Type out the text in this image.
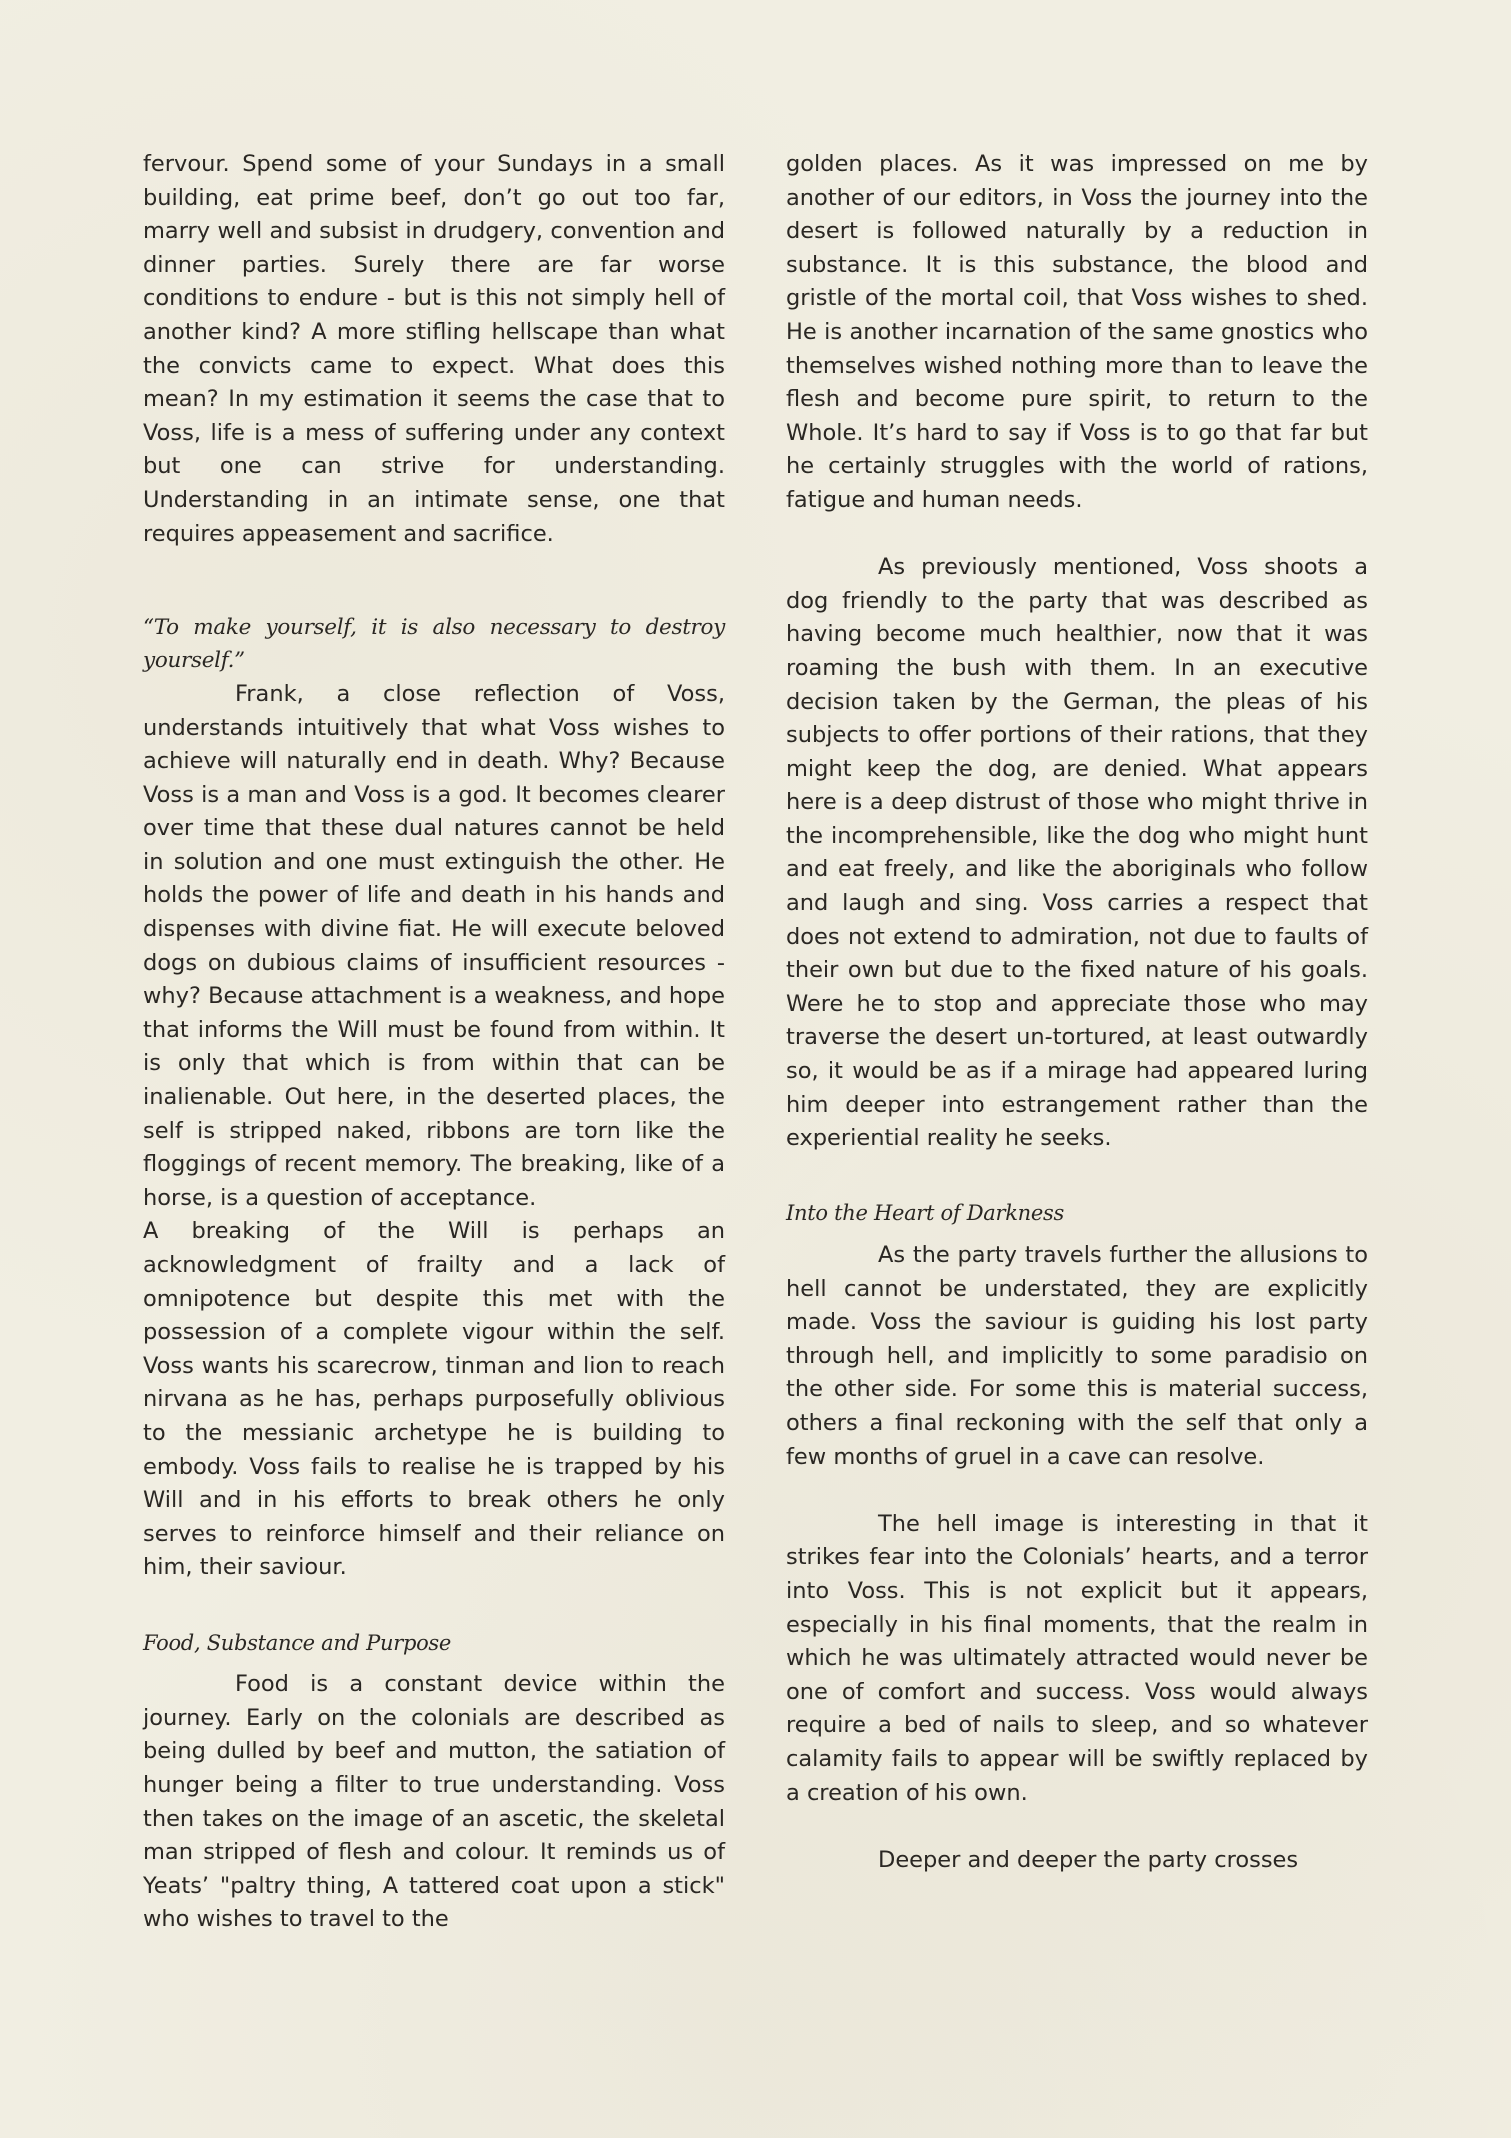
fervour. Spend some of your Sundays in a small building, eat prime beef, don’t go out too far, marry well and subsist in drudgery, convention and dinner parties. Surely there are far worse conditions to endure - but is this not simply hell of another kind? A more stifling hellscape than what the convicts came to expect. What does this mean? In my estimation it seems the case that to Voss, life is a mess of suffering under any context but one can strive for understanding. Understanding in an intimate sense, one that requires appeasement and sacrifice.

“To make yourself, it is also necessary to destroy yourself.”

Frank, a close reflection of Voss, understands intuitively that what Voss wishes to achieve will naturally end in death. Why? Because Voss is a man and Voss is a god. It becomes clearer over time that these dual natures cannot be held in solution and one must extinguish the other. He holds the power of life and death in his hands and dispenses with divine fiat. He will execute beloved dogs on dubious claims of insufficient resources - why? Because attachment is a weakness, and hope that informs the Will must be found from within. It is only that which is from within that can be inalienable. Out here, in the deserted places, the self is stripped naked, ribbons are torn like the floggings of recent memory. The breaking, like of a horse, is a question of acceptance.

A breaking of the Will is perhaps an acknowledgment of frailty and a lack of omnipotence but despite this met with the possession of a complete vigour within the self. Voss wants his scarecrow, tinman and lion to reach nirvana as he has, perhaps purposefully oblivious to the messianic archetype he is building to embody. Voss fails to realise he is trapped by his Will and in his efforts to break others he only serves to reinforce himself and their reliance on him, their saviour.

Food, Substance and Purpose

Food is a constant device within the journey. Early on the colonials are described as being dulled by beef and mutton, the satiation of hunger being a filter to true understanding. Voss then takes on the image of an ascetic, the skeletal man stripped of flesh and colour. It reminds us of Yeats’ "paltry thing, A tattered coat upon a stick" who wishes to travel to the

golden places. As it was impressed on me by another of our editors, in Voss the journey into the desert is followed naturally by a reduction in substance. It is this substance, the blood and gristle of the mortal coil, that Voss wishes to shed. He is another incarnation of the same gnostics who themselves wished nothing more than to leave the flesh and become pure spirit, to return to the Whole. It’s hard to say if Voss is to go that far but he certainly struggles with the world of rations, fatigue and human needs.

As previously mentioned, Voss shoots a dog friendly to the party that was described as having become much healthier, now that it was roaming the bush with them. In an executive decision taken by the German, the pleas of his subjects to offer portions of their rations, that they might keep the dog, are denied. What appears here is a deep distrust of those who might thrive in the incomprehensible, like the dog who might hunt and eat freely, and like the aboriginals who follow and laugh and sing. Voss carries a respect that does not extend to admiration, not due to faults of their own but due to the fixed nature of his goals. Were he to stop and appreciate those who may traverse the desert un-tortured, at least outwardly so, it would be as if a mirage had appeared luring him deeper into estrangement rather than the experiential reality he seeks.

Into the Heart of Darkness

As the party travels further the allusions to hell cannot be understated, they are explicitly made. Voss the saviour is guiding his lost party through hell, and implicitly to some paradisio on the other side. For some this is material success, others a final reckoning with the self that only a few months of gruel in a cave can resolve.

The hell image is interesting in that it strikes fear into the Colonials’ hearts, and a terror into Voss. This is not explicit but it appears, especially in his final moments, that the realm in which he was ultimately attracted would never be one of comfort and success. Voss would always require a bed of nails to sleep, and so whatever calamity fails to appear will be swiftly replaced by a creation of his own.

Deeper and deeper the party crosses
